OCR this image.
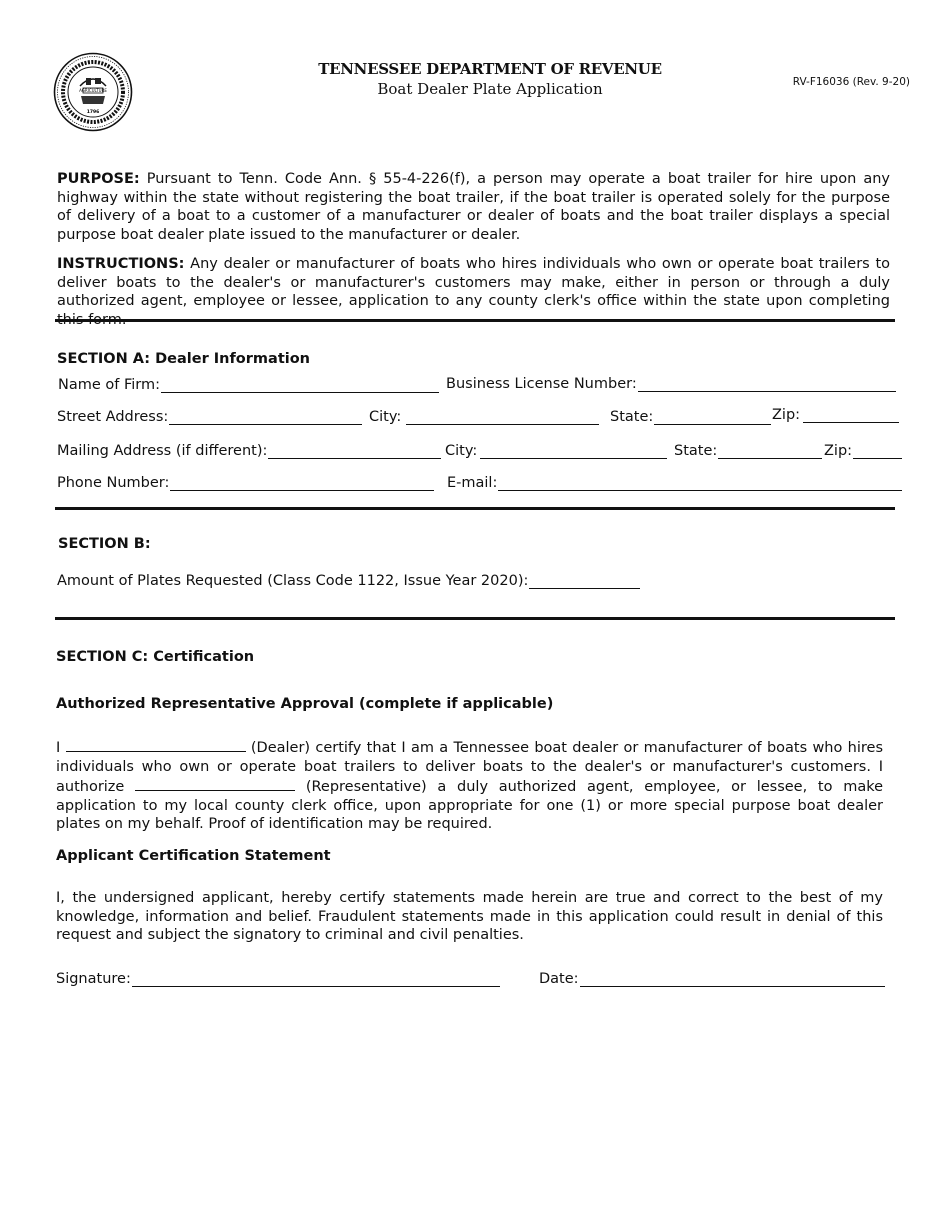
AGRICULTURE
1796
TENNESSEE DEPARTMENT OF REVENUE
Boat Dealer Plate Application	RV-F16036 (Rev. 9-20)
PURPOSE: Pursuant to Tenn. Code Ann. § 55-4-226(f), a person may operate a boat trailer for hire upon any highway within the state without registering the boat trailer, if the boat trailer is operated solely for the purpose of delivery of a boat to a customer of a manufacturer or dealer of boats and the boat trailer displays a special purpose boat dealer plate issued to the manufacturer or dealer.
INSTRUCTIONS: Any dealer or manufacturer of boats who hires individuals who own or operate boat trailers to deliver boats to the dealer's or manufacturer's customers may make, either in person or through a duly authorized agent, employee or lessee, application to any county clerk's office within the state upon completing
SECTION A: Dealer Information
Name of Firm:	Business License Number:
Street Address:	City:	State:	Zip:
Mailing Address (if different):	City:	State:	Zip:
Phone Number:	E-mail:
SECTION B:
Amount of Plates Requested (Class Code 1122, Issue Year 2020):
SECTION C: Certification
Authorized Representative Approval (complete if applicable)
I	(Dealer) certify that I am a Tennessee boat dealer or manufacturer of boats who hires individuals who own or operate boat trailers to deliver boats to the dealer's or manufacturer's customers. I authorize	(Representative) a duly authorized agent, employee, or lessee, to make application to my local county clerk office, upon appropriate for one (1) or more special purpose boat dealer plates on my behalf. Proof of identification may be required.
Applicant Certification Statement
I, the undersigned applicant, hereby certify statements made herein are true and correct to the best of my knowledge, information and belief. Fraudulent statements made in this application could result in denial of this request and subject the signatory to criminal and civil penalties.
Signature:	Date:
